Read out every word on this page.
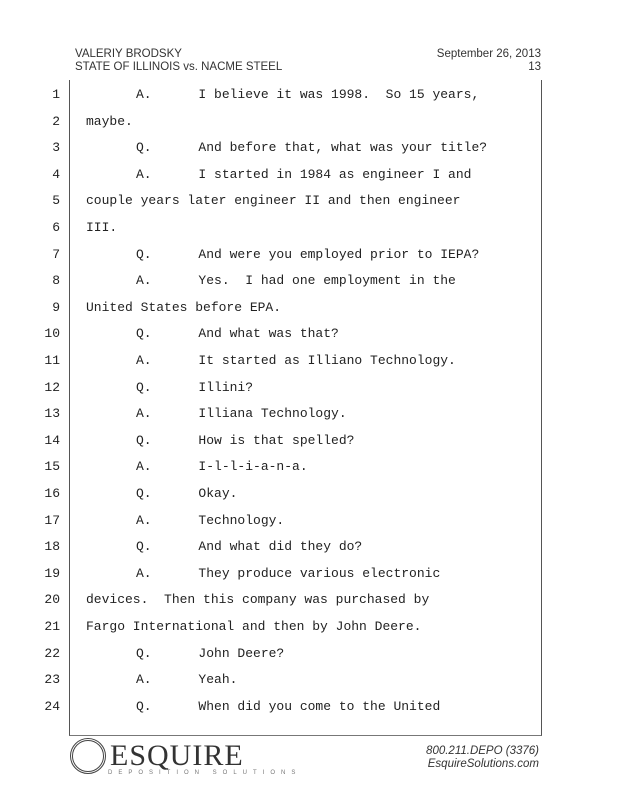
VALERIY BRODSKY
STATE OF ILLINOIS vs. NACME STEEL
September 26, 2013
13
1	A.      I believe it was 1998.  So 15 years,
2 maybe.
3	Q.      And before that, what was your title?
4	A.      I started in 1984 as engineer I and
5 couple years later engineer II and then engineer
6 III.
7	Q.      And were you employed prior to IEPA?
8	A.      Yes.  I had one employment in the
9 United States before EPA.
10	Q.      And what was that?
11	A.      It started as Illiano Technology.
12	Q.      Illini?
13	A.      Illiana Technology.
14	Q.      How is that spelled?
15	A.      I-l-l-i-a-n-a.
16	Q.      Okay.
17	A.      Technology.
18	Q.      And what did they do?
19	A.      They produce various electronic
20 devices.  Then this company was purchased by
21 Fargo International and then by John Deere.
22	Q.      John Deere?
23	A.      Yeah.
24	Q.      When did you come to the United
ESQUIRE
DEPOSITION SOLUTIONS
800.211.DEPO (3376)
EsquireSolutions.com
